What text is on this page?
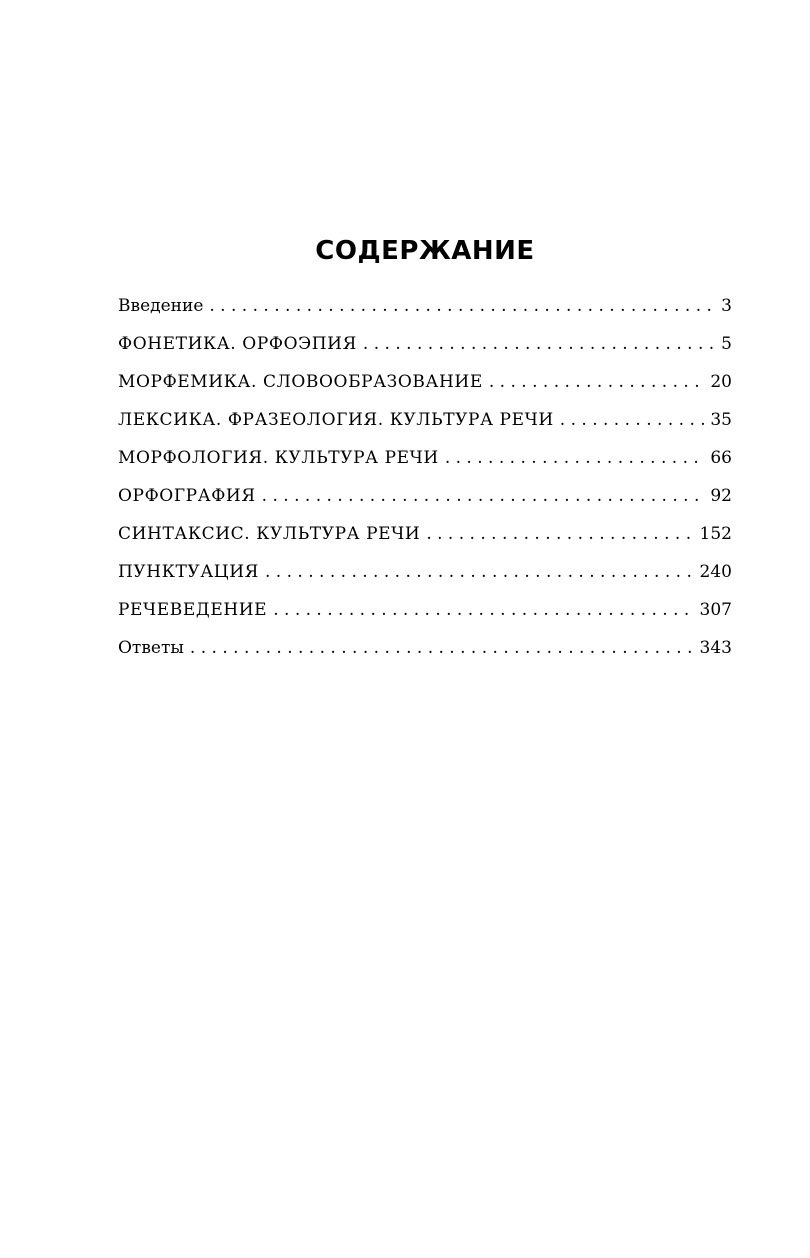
СОДЕРЖАНИЕ
Введение . . .	3
ФОНЕТИКА. ОРФОЭПИЯ . . .	5
МОРФЕМИКА. СЛОВООБРАЗОВАНИЕ . . .	20
ЛЕКСИКА. ФРАЗЕОЛОГИЯ. КУЛЬТУРА РЕЧИ . . .	35
МОРФОЛОГИЯ. КУЛЬТУРА РЕЧИ . . .	66
ОРФОГРАФИЯ . . .	92
СИНТАКСИС. КУЛЬТУРА РЕЧИ . . .	152
ПУНКТУАЦИЯ . . .	240
РЕЧЕВЕДЕНИЕ . . .	307
Ответы . . .	343
